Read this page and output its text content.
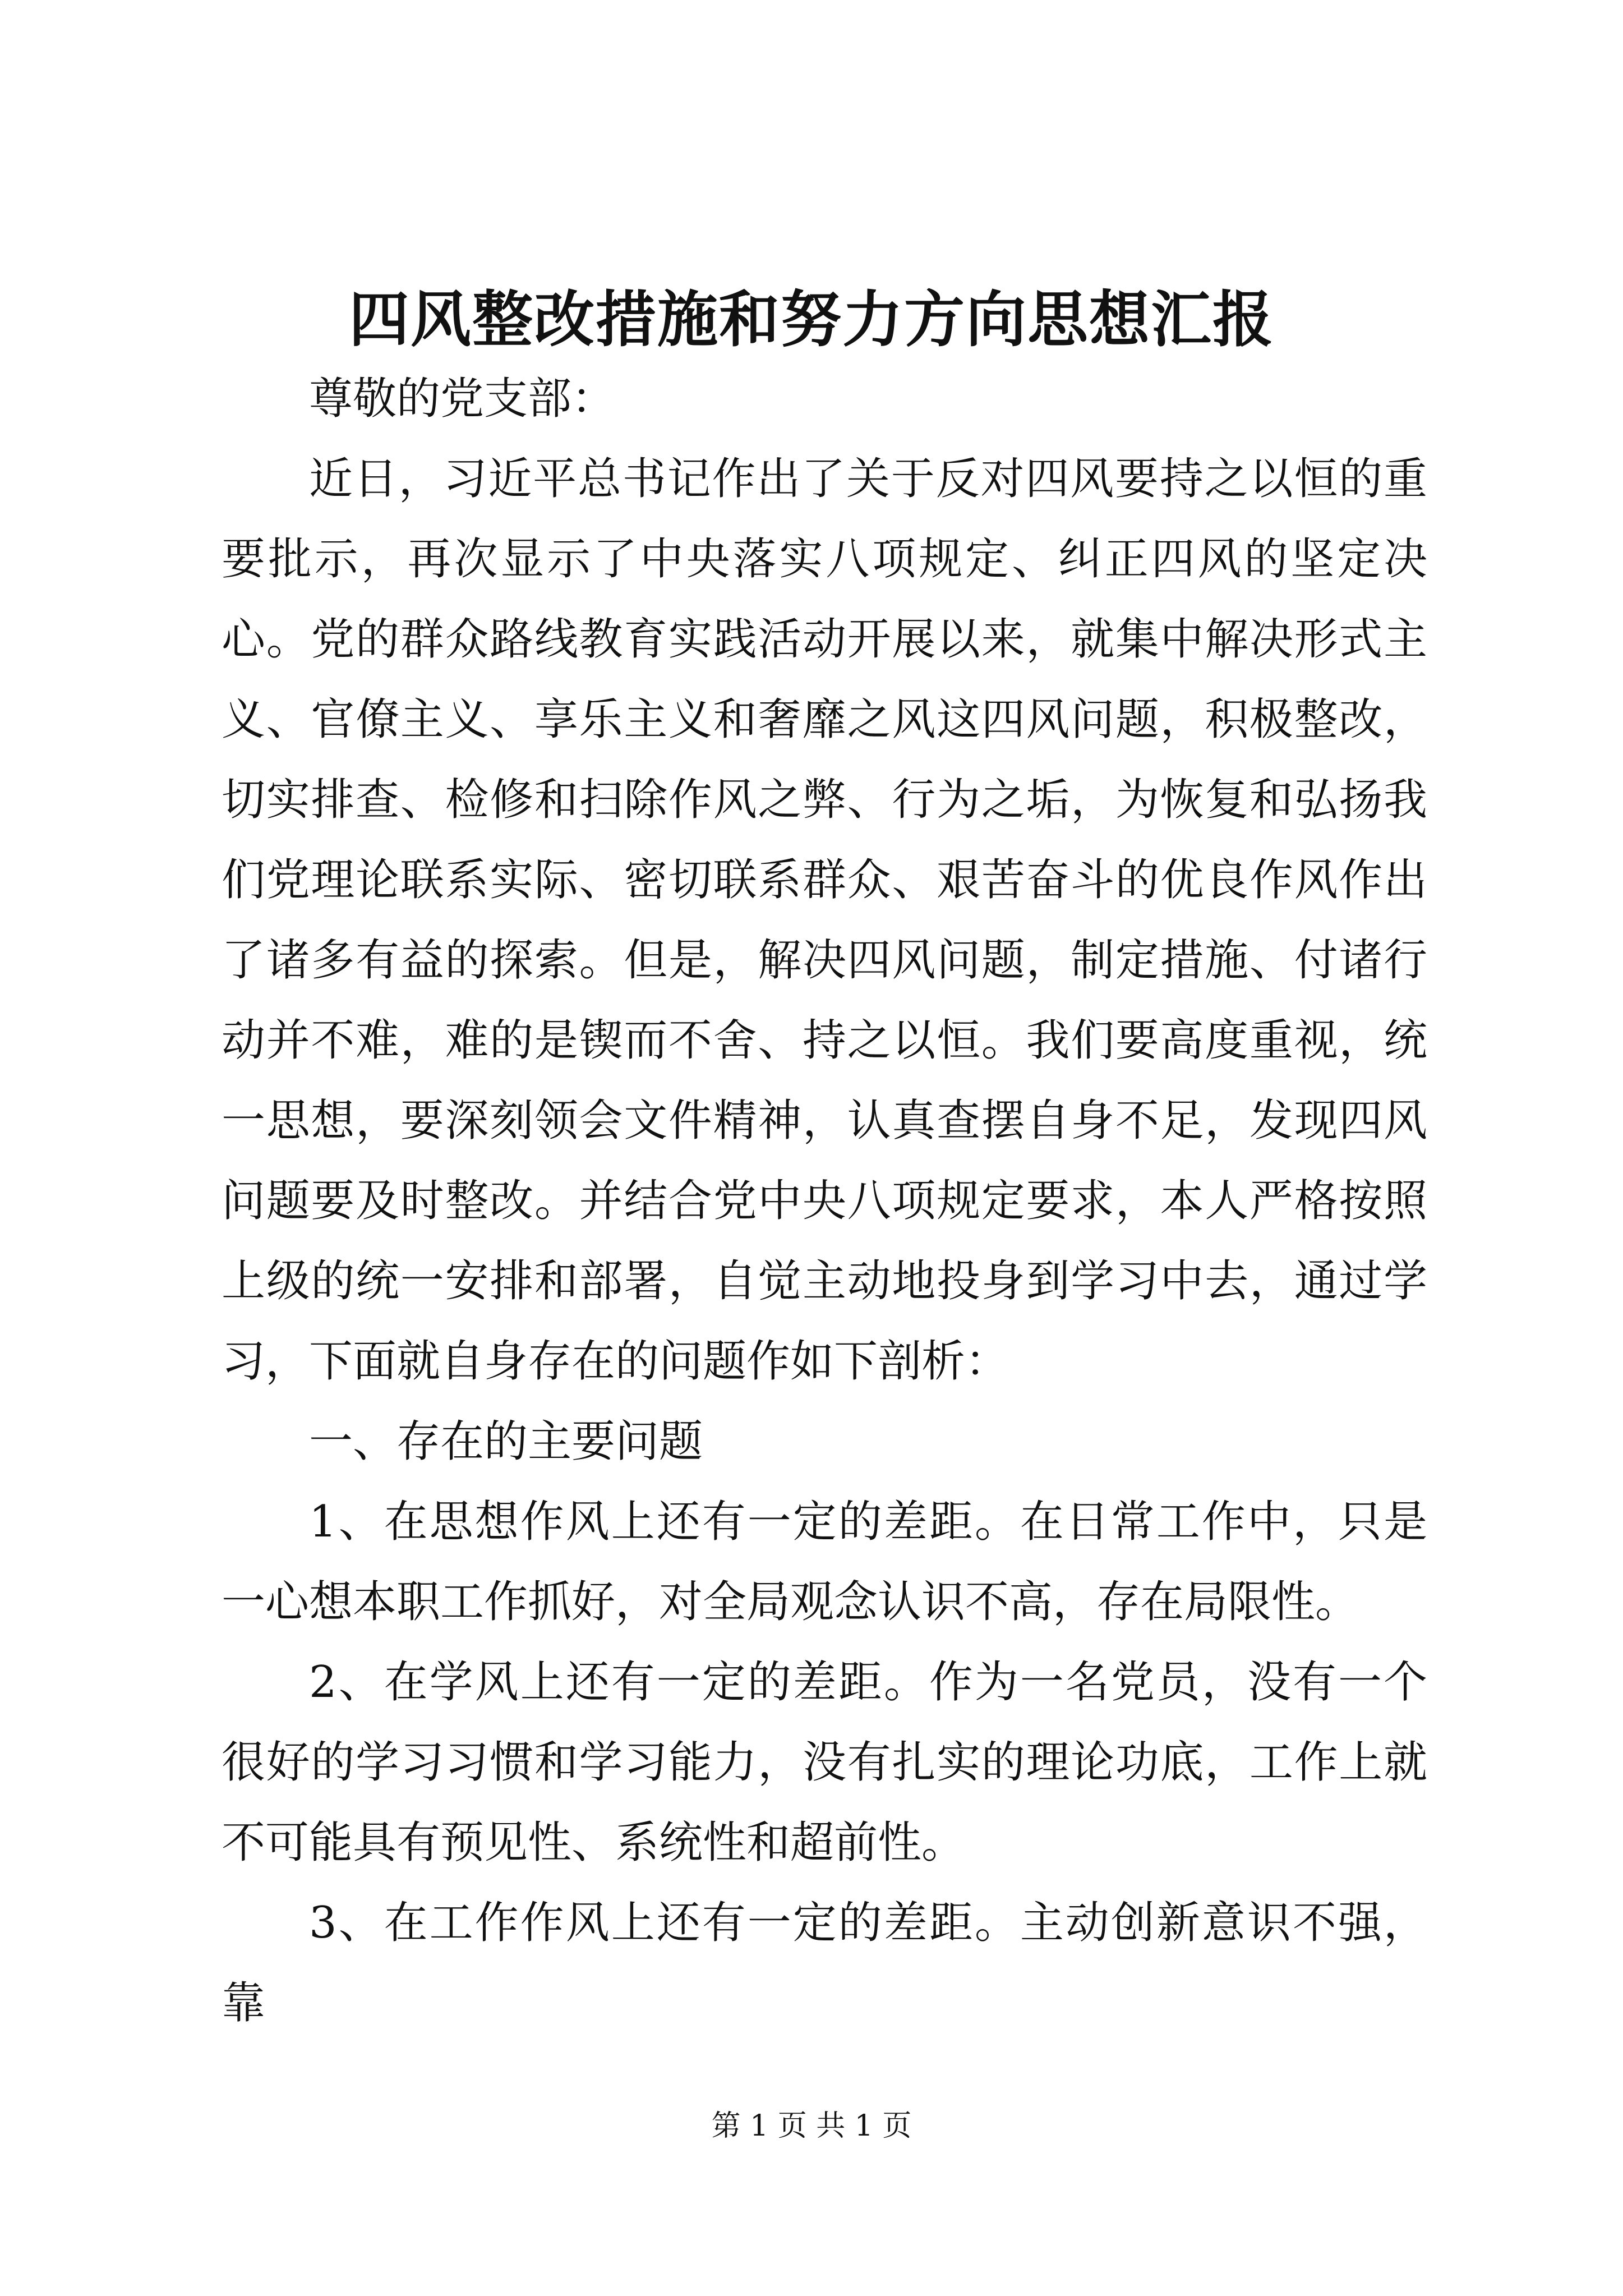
四风整改措施和努力方向思想汇报

尊敬的党支部：

近日，习近平总书记作出了关于反对四风要持之以恒的重要批示，再次显示了中央落实八项规定、纠正四风的坚定决心。党的群众路线教育实践活动开展以来，就集中解决形式主义、官僚主义、享乐主义和奢靡之风这四风问题，积极整改，切实排查、检修和扫除作风之弊、行为之垢，为恢复和弘扬我们党理论联系实际、密切联系群众、艰苦奋斗的优良作风作出了诸多有益的探索。但是，解决四风问题，制定措施、付诸行动并不难，难的是锲而不舍、持之以恒。我们要高度重视，统一思想，要深刻领会文件精神，认真查摆自身不足，发现四风问题要及时整改。并结合党中央八项规定要求，本人严格按照上级的统一安排和部署，自觉主动地投身到学习中去，通过学习，下面就自身存在的问题作如下剖析：

一、存在的主要问题

1、在思想作风上还有一定的差距。在日常工作中，只是一心想本职工作抓好，对全局观念认识不高，存在局限性。

2、在学风上还有一定的差距。作为一名党员，没有一个很好的学习习惯和学习能力，没有扎实的理论功底，工作上就不可能具有预见性、系统性和超前性。

3、在工作作风上还有一定的差距。主动创新意识不强，靠

第 1 页 共 1 页
